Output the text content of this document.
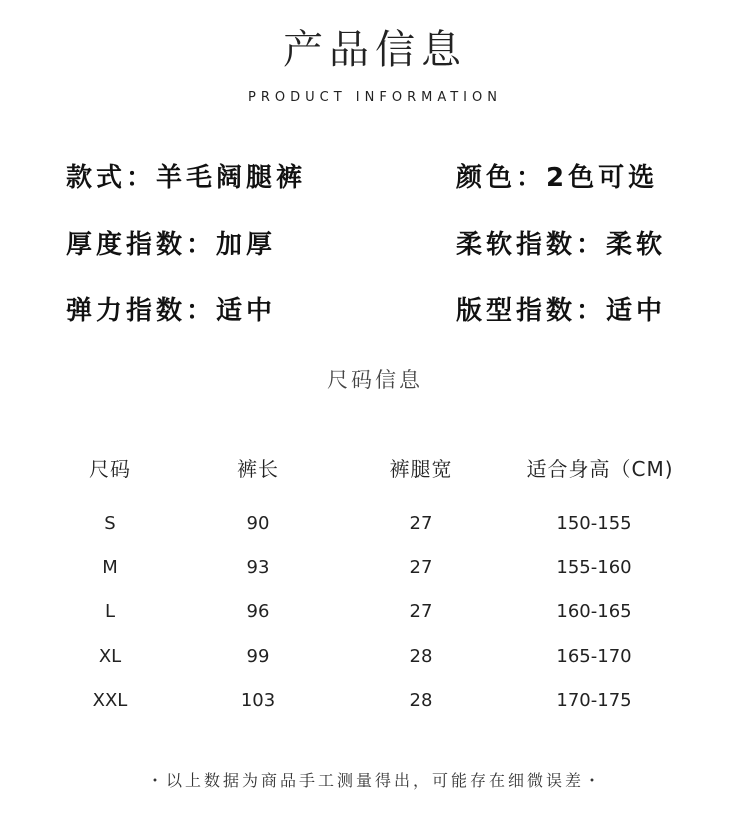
产品信息
PRODUCT INFORMATION
款式：羊毛阔腿裤	颜色：2色可选
厚度指数：加厚	柔软指数：柔软
弹力指数：适中	版型指数：适中
尺码信息
尺码	裤长	裤腿宽	适合身高（CM)
S	90	27	150-155
M	93	27	155-160
L	96	27	160-165
XL	99	28	165-170
XXL	103	28	170-175
・以上数据为商品手工测量得出，可能存在细微误差・
